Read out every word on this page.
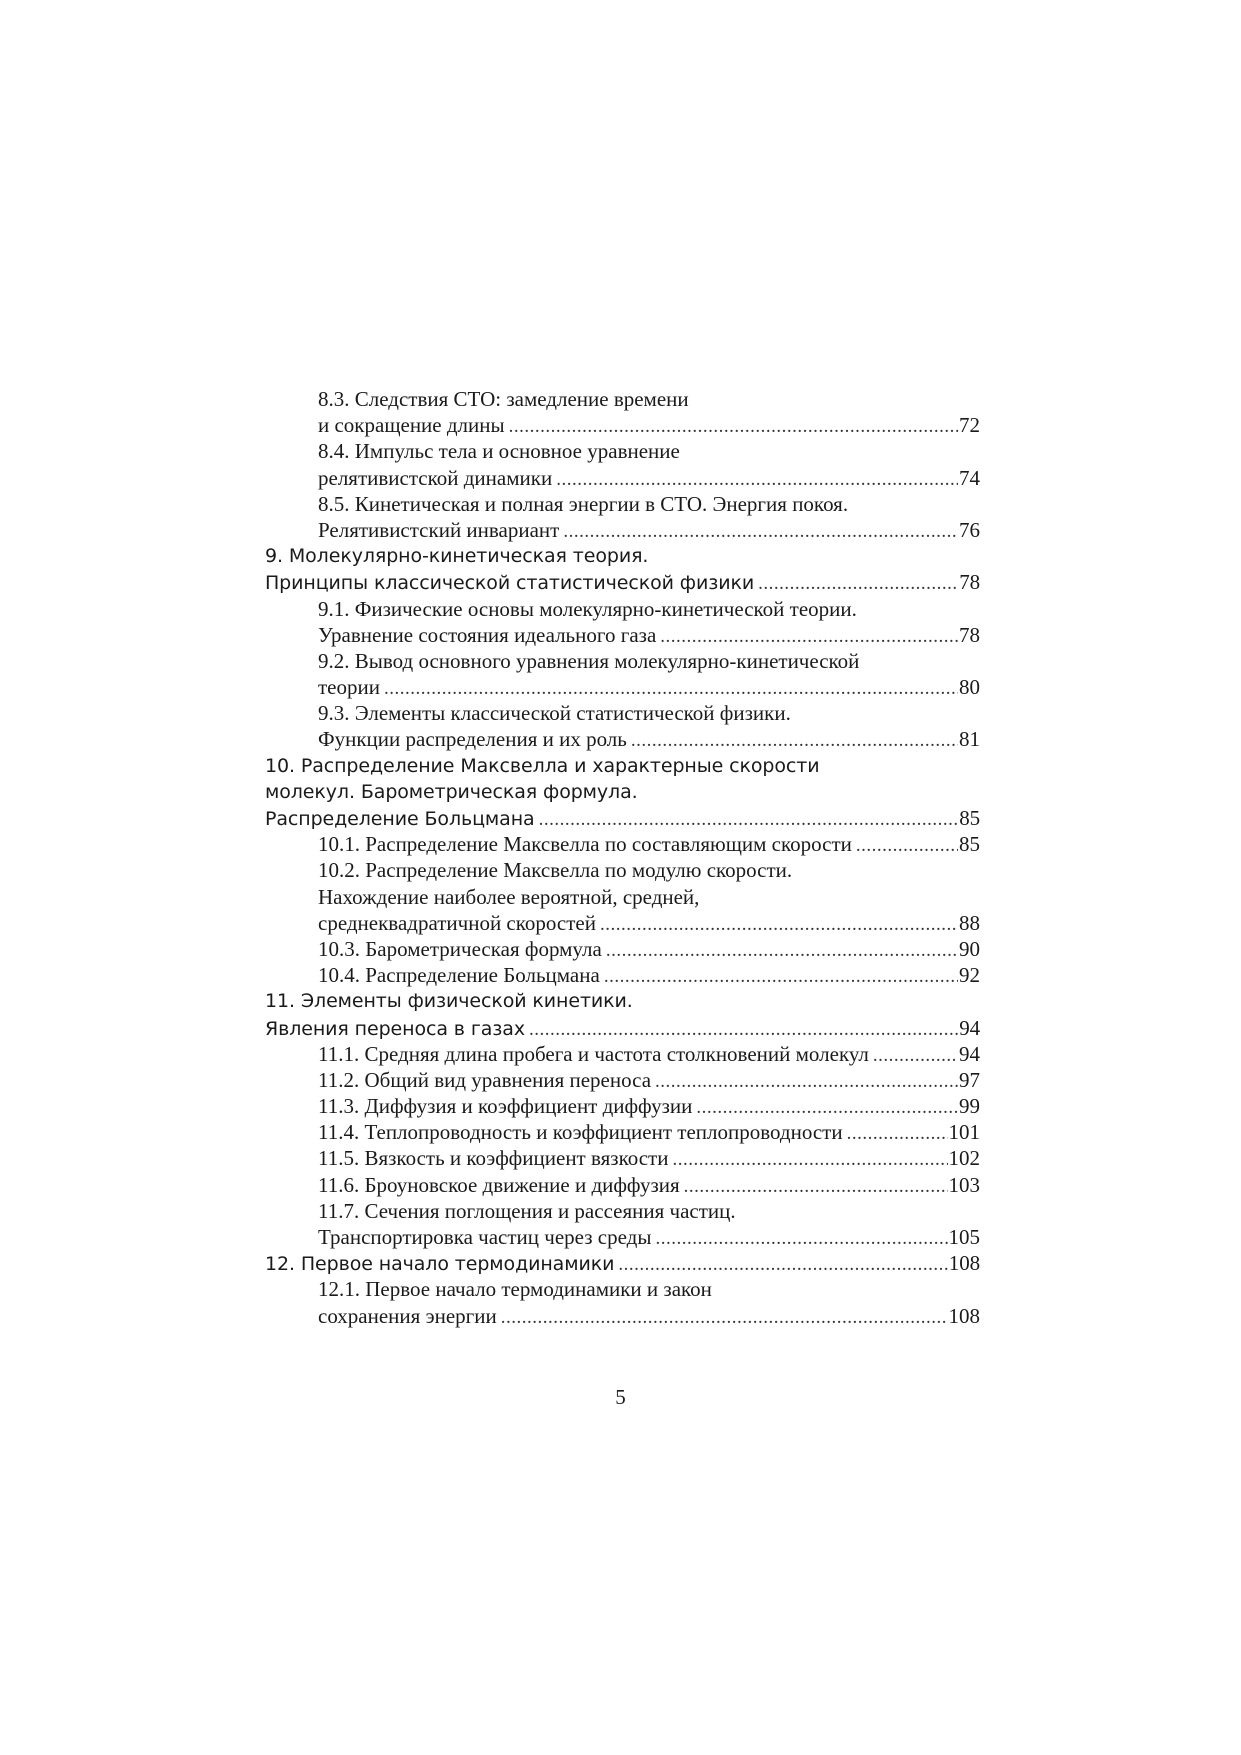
8.3. Следствия СТО: замедление времени
и сокращение длины .....	72
8.4. Импульс тела и основное уравнение
релятивистской динамики .....	74
8.5. Кинетическая и полная энергии в СТО. Энергия покоя.
Релятивистский инвариант .....	76
9. Молекулярно-кинетическая теория.
Принципы классической статистической физики .....	78
9.1. Физические основы молекулярно-кинетической теории.
Уравнение состояния идеального газа .....	78
9.2. Вывод основного уравнения молекулярно-кинетической
теории .....	80
9.3. Элементы классической статистической физики.
Функции распределения и их роль .....	81
10. Распределение Максвелла и характерные скорости
молекул. Барометрическая формула.
Распределение Больцмана .....	85
10.1. Распределение Максвелла по составляющим скорости .....	85
10.2. Распределение Максвелла по модулю скорости.
Нахождение наиболее вероятной, средней,
среднеквадратичной скоростей .....	88
10.3. Барометрическая формула .....	90
10.4. Распределение Больцмана .....	92
11. Элементы физической кинетики.
Явления переноса в газах .....	94
11.1. Средняя длина пробега и частота столкновений молекул .....	94
11.2. Общий вид уравнения переноса .....	97
11.3. Диффузия и коэффициент диффузии .....	99
11.4. Теплопроводность и коэффициент теплопроводности .....	101
11.5. Вязкость и коэффициент вязкости .....	102
11.6. Броуновское движение и диффузия .....	103
11.7. Сечения поглощения и рассеяния частиц.
Транспортировка частиц через среды .....	105
12. Первое начало термодинамики .....	108
12.1. Первое начало термодинамики и закон
сохранения энергии .....	108
5
